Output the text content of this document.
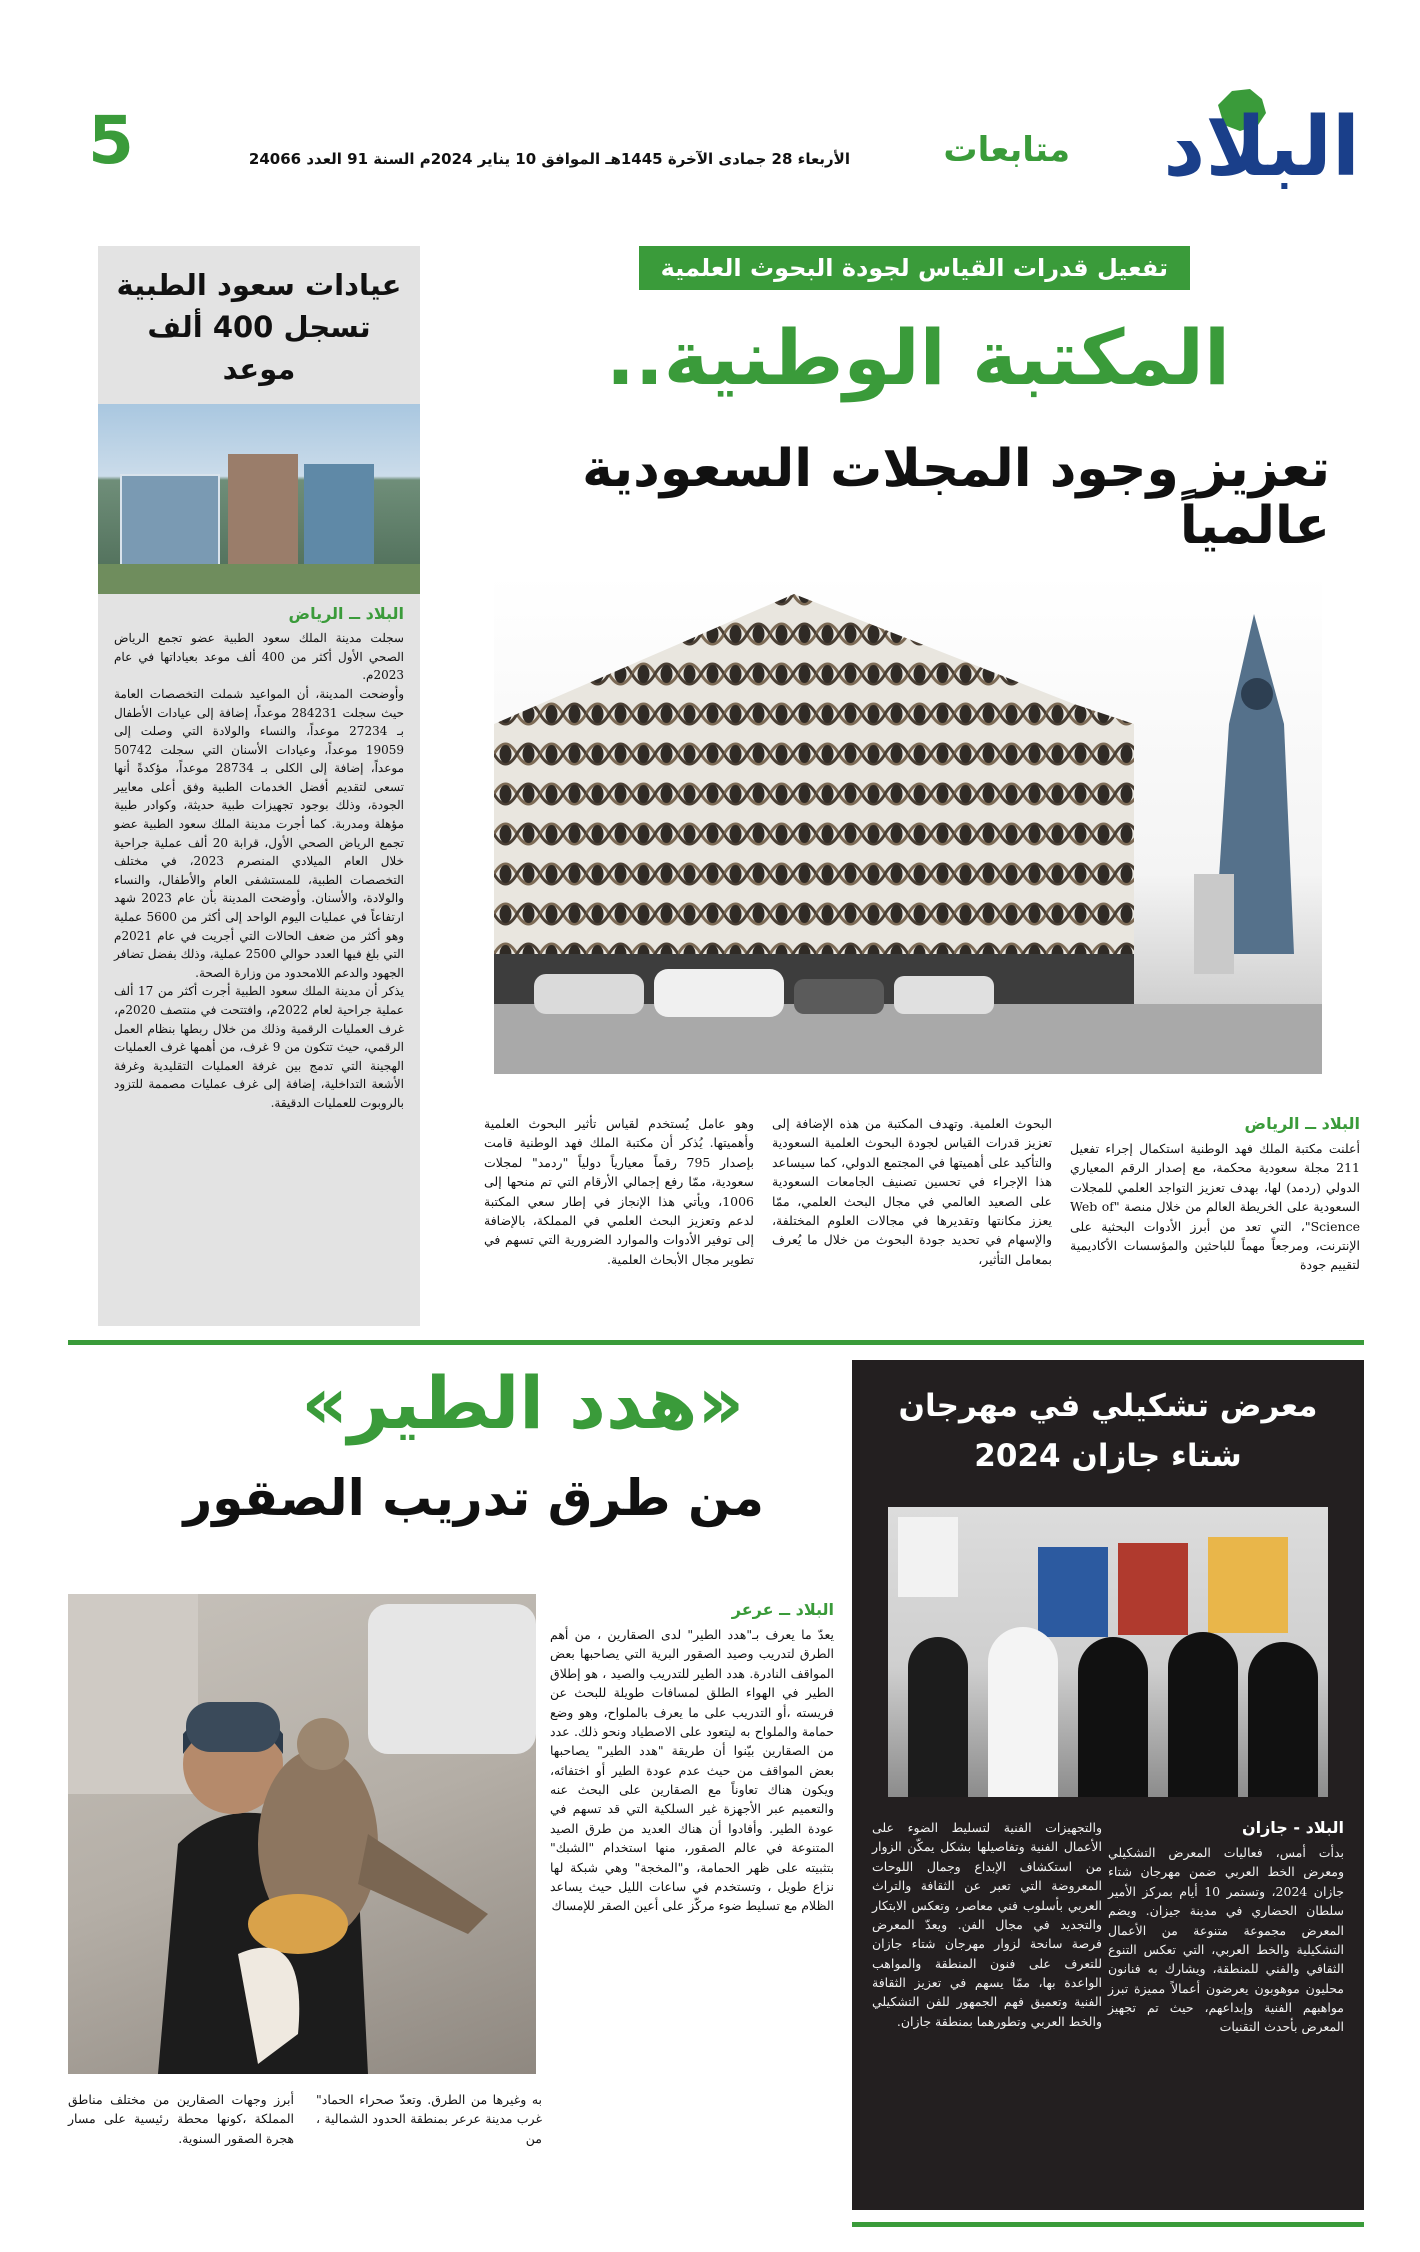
البلاد
متابعات
الأربعاء 28 جمادى الآخرة 1445هـ الموافق 10 يناير 2024م السنة 91 العدد 24066
5
عيادات سعود الطبية
تسجل 400 ألف موعد
البلاد ــ الرياض

سجلت مدينة الملك سعود الطبية عضو تجمع الرياض الصحي الأول أكثر من 400 ألف موعد بعياداتها في عام 2023م.

وأوضحت المدينة، أن المواعيد شملت التخصصات العامة حيث سجلت 284231 موعداً، إضافة إلى عيادات الأطفال بـ 27234 موعداً، والنساء والولادة التي وصلت إلى 19059 موعداً، وعيادات الأسنان التي سجلت 50742 موعداً، إضافة إلى الكلى بـ 28734 موعداً، مؤكدةً أنها تسعى لتقديم أفضل الخدمات الطبية وفق أعلى معايير الجودة، وذلك بوجود تجهيزات طبية حديثة، وكوادر طبية مؤهلة ومدربة. كما أجرت مدينة الملك سعود الطبية عضو تجمع الرياض الصحي الأول، قرابة 20 ألف عملية جراحية خلال العام الميلادي المنصرم 2023، في مختلف التخصصات الطبية، للمستشفى العام والأطفال، والنساء والولادة، والأسنان. وأوضحت المدينة بأن عام 2023 شهد ارتفاعاً في عمليات اليوم الواحد إلى أكثر من 5600 عملية وهو أكثر من ضعف الحالات التي أجريت في عام 2021م التي بلغ فيها العدد حوالي 2500 عملية، وذلك بفضل تضافر الجهود والدعم اللامحدود من وزارة الصحة.

يذكر أن مدينة الملك سعود الطبية أجرت أكثر من 17 ألف عملية جراحية لعام 2022م، وافتتحت في منتصف 2020م، غرف العمليات الرقمية وذلك من خلال ربطها بنظام العمل الرقمي، حيث تتكون من 9 غرف، من أهمها غرف العمليات الهجينة التي تدمج بين غرفة العمليات التقليدية وغرفة الأشعة التداخلية، إضافة إلى غرف عمليات مصممة للتزود بالروبوت للعمليات الدقيقة.

تفعيل قدرات القياس لجودة البحوث العلمية
المكتبة الوطنية..
تعزيز وجود المجلات السعودية عالمياً
البلاد ــ الرياض

أعلنت مكتبة الملك فهد الوطنية استكمال إجراء تفعيل 211 مجلة سعودية محكمة، مع إصدار الرقم المعياري الدولي (ردمد) لها، بهدف تعزيز التواجد العلمي للمجلات السعودية على الخريطة العالم من خلال منصة "Web of Science"، التي تعد من أبرز الأدوات البحثية على الإنترنت، ومرجعاً مهماً للباحثين والمؤسسات الأكاديمية لتقييم جودة

البحوث العلمية. وتهدف المكتبة من هذه الإضافة إلى تعزيز قدرات القياس لجودة البحوث العلمية السعودية والتأكيد على أهميتها في المجتمع الدولي، كما سيساعد هذا الإجراء في تحسين تصنيف الجامعات السعودية على الصعيد العالمي في مجال البحث العلمي، ممّا يعزز مكانتها وتقديرها في مجالات العلوم المختلفة، والإسهام في تحديد جودة البحوث من خلال ما يُعرف بمعامل التأثير،

وهو عامل يُستخدم لقياس تأثير البحوث العلمية وأهميتها. يُذكر أن مكتبة الملك فهد الوطنية قامت بإصدار 795 رقماً معيارياً دولياً "ردمد" لمجلات سعودية، ممّا رفع إجمالي الأرقام التي تم منحها إلى 1006، ويأتي هذا الإنجاز في إطار سعي المكتبة لدعم وتعزيز البحث العلمي في المملكة، بالإضافة إلى توفير الأدوات والموارد الضرورية التي تسهم في تطوير مجال الأبحاث العلمية.

«هدد الطير»
من طرق تدريب الصقور
البلاد ــ عرعر

يعدّ ما يعرف بـ"هدد الطير" لدى الصقارين ، من أهم الطرق لتدريب وصيد الصقور البرية التي يصاحبها بعض المواقف النادرة. هدد الطير للتدريب والصيد ، هو إطلاق الطير في الهواء الطلق لمسافات طويلة للبحث عن فريسته ،أو التدريب على ما يعرف بالملواح، وهو وضع حمامة والملواح به ليتعود على الاصطياد ونحو ذلك. عدد من الصقارين بيّنوا أن طريقة "هدد الطير" يصاحبها بعض المواقف من حيث عدم عودة الطير أو اختفائه، ويكون هناك تعاوناً مع الصقارين على البحث عنه والتعميم عبر الأجهزة غير السلكية التي قد تسهم في عودة الطير. وأفادوا أن هناك العديد من طرق الصيد المتنوعة في عالم الصقور، منها استخدام "الشبك" بتثبيته على ظهر الحمامة، و"المخجة" وهي شبكة لها نزاع طويل ، وتستخدم في ساعات الليل حيث يساعد الظلام مع تسليط ضوء مركّز على أعين الصقر للإمساك

به وغيرها من الطرق. وتعدّ صحراء الحماد" غرب مدينة عرعر بمنطقة الحدود الشمالية ، من

أبرز وجهات الصقارين من مختلف مناطق المملكة ،كونها محطة رئيسية على مسار هجرة الصقور السنوية.

معرض تشكيلي في مهرجان
شتاء جازان 2024
البلاد - جازان

بدأت أمس، فعاليات المعرض التشكيلي ومعرض الخط العربي ضمن مهرجان شتاء جازان 2024، وتستمر 10 أيام بمركز الأمير سلطان الحضاري في مدينة جيزان. ويضم المعرض مجموعة متنوعة من الأعمال التشكيلية والخط العربي، التي تعكس التنوع الثقافي والفني للمنطقة، ويشارك به فنانون محليون موهوبون يعرضون أعمالاً مميزة تبرز مواهبهم الفنية وإبداعهم، حيث تم تجهيز المعرض بأحدث التقنيات

والتجهيزات الفنية لتسليط الضوء على الأعمال الفنية وتفاصيلها بشكل يمكّن الزوار من استكشاف الإبداع وجمال اللوحات المعروضة التي تعبر عن الثقافة والتراث العربي بأسلوب فني معاصر، وتعكس الابتكار والتجديد في مجال الفن. ويعدّ المعرض فرصة سانحة لزوار مهرجان شتاء جازان للتعرف على فنون المنطقة والمواهب الواعدة بها، ممّا يسهم في تعزيز الثقافة الفنية وتعميق فهم الجمهور للفن التشكيلي والخط العربي وتطورهما بمنطقة جازان.
